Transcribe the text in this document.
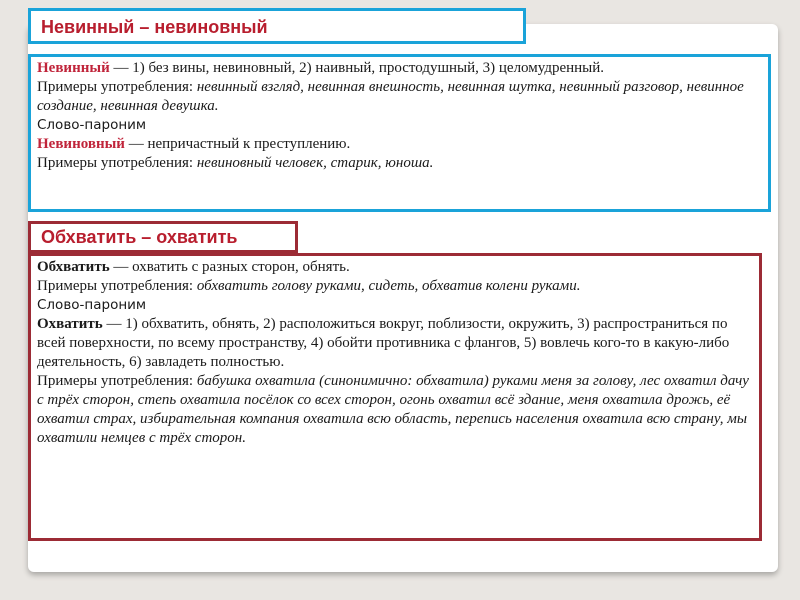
Невинный – невиновный

Невинный — 1) без вины, невиновный, 2) наивный, простодушный, 3) целомудренный.

Примеры употребления: невинный взгляд, невинная внешность, невинная шутка, невинный разговор, невинное создание, невинная девушка.

Слово-пароним

Невиновный — непричастный к преступлению.

Примеры употребления: невиновный человек, старик, юноша.

Обхватить – охватить

Обхватить — охватить с разных сторон, обнять.

Примеры употребления: обхватить голову руками, сидеть, обхватив колени руками.

Слово-пароним

Охватить — 1) обхватить, обнять, 2) расположиться вокруг, поблизости, окружить, 3) распространиться по всей поверхности, по всему пространству, 4) обойти противника с флангов, 5) вовлечь кого-то в какую-либо деятельность, 6) завладеть полностью.

Примеры употребления: бабушка охватила (синонимично: обхватила) руками меня за голову, лес охватил дачу с трёх сторон, степь охватила посёлок со всех сторон, огонь охватил всё здание, меня охватила дрожь, её охватил страх, избирательная компания охватила всю область, перепись населения охватила всю страну, мы охватили немцев с трёх сторон.
